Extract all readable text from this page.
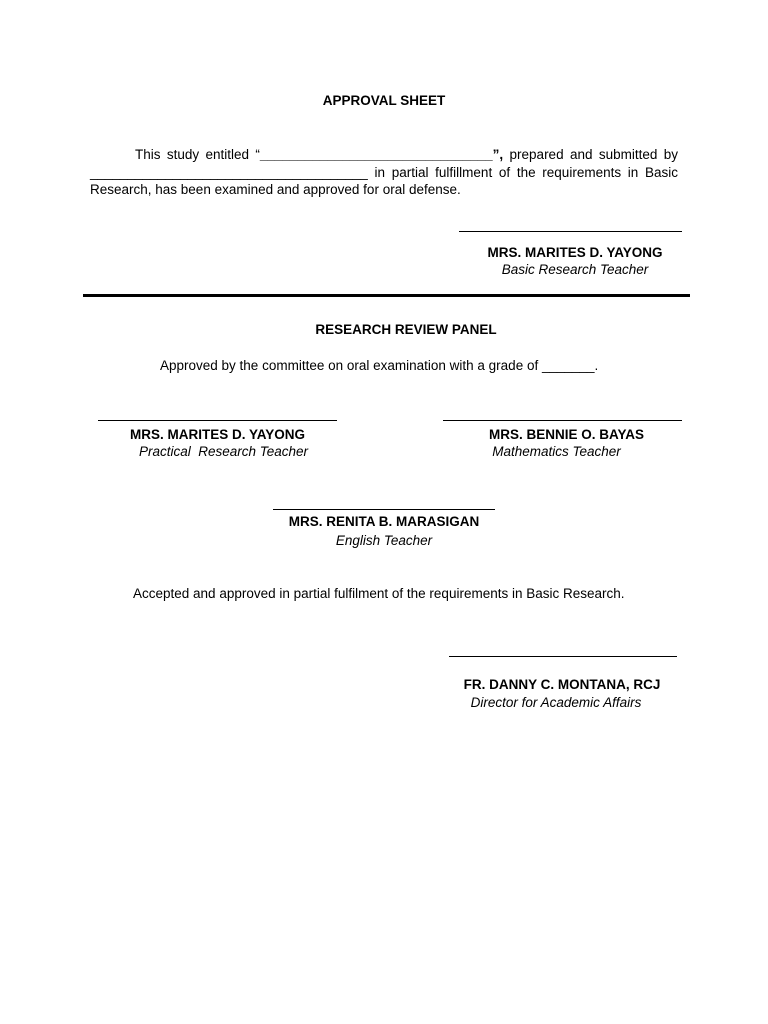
APPROVAL SHEET
This study entitled “_______________________________”, prepared and submitted by _____________________________________ in partial fulfillment of the requirements in Basic Research, has been examined and approved for oral defense.
MRS. MARITES D. YAYONG
Basic Research Teacher
RESEARCH REVIEW PANEL
Approved by the committee on oral examination with a grade of _______.
MRS. MARITES D. YAYONG
Practical  Research Teacher
MRS. BENNIE O. BAYAS
Mathematics Teacher
MRS. RENITA B. MARASIGAN
English Teacher
Accepted and approved in partial fulfilment of the requirements in Basic Research.
FR. DANNY C. MONTANA, RCJ
Director for Academic Affairs
